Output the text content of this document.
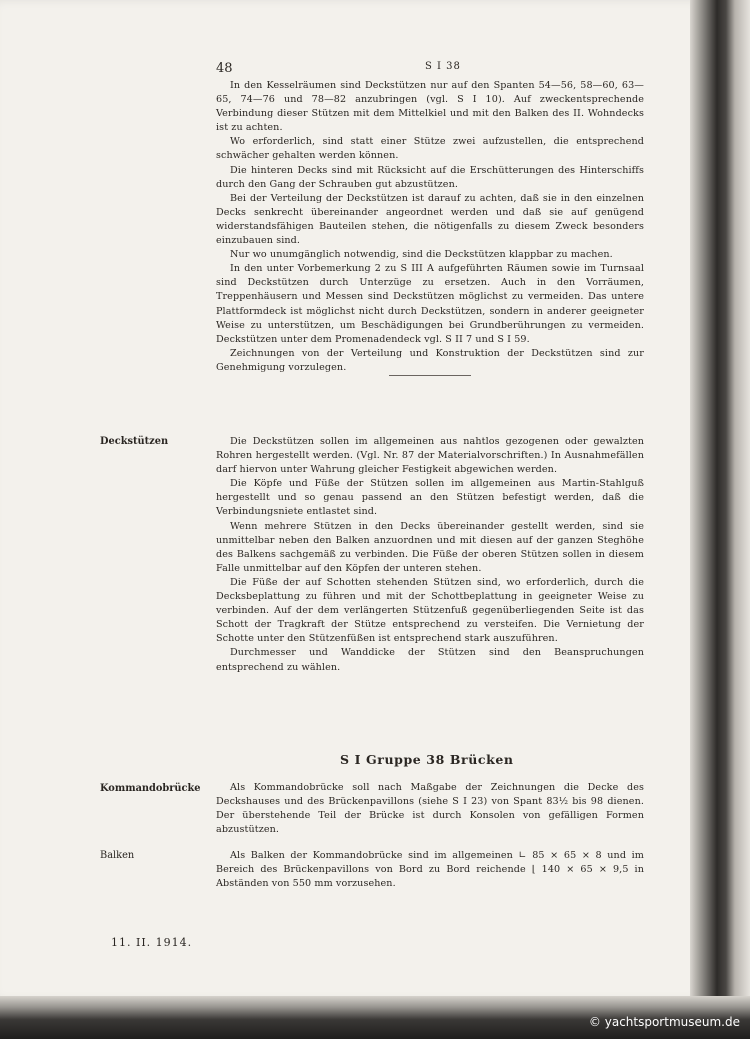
48	S I 38

In den Kesselräumen sind Deckstützen nur auf den Spanten 54—56, 58—60, 63—65, 74—76 und 78—82 anzubringen (vgl. S I 10). Auf zweckentsprechende Verbindung dieser Stützen mit dem Mittelkiel und mit den Balken des II. Wohndecks ist zu achten.

Wo erforderlich, sind statt einer Stütze zwei aufzustellen, die entsprechend schwächer gehalten werden können.

Die hinteren Decks sind mit Rücksicht auf die Erschütterungen des Hinterschiffs durch den Gang der Schrauben gut abzustützen.

Bei der Verteilung der Deckstützen ist darauf zu achten, daß sie in den einzelnen Decks senkrecht übereinander angeordnet werden und daß sie auf genügend widerstandsfähigen Bauteilen stehen, die nötigenfalls zu diesem Zweck besonders einzubauen sind.

Nur wo unumgänglich notwendig, sind die Deckstützen klappbar zu machen.

In den unter Vorbemerkung 2 zu S III A aufgeführten Räumen sowie im Turnsaal sind Deckstützen durch Unterzüge zu ersetzen. Auch in den Vorräumen, Treppenhäusern und Messen sind Deckstützen möglichst zu vermeiden. Das untere Plattformdeck ist möglichst nicht durch Deckstützen, sondern in anderer geeigneter Weise zu unterstützen, um Beschädigungen bei Grundberührungen zu vermeiden. Deckstützen unter dem Promenadendeck vgl. S II 7 und S I 59.

Zeichnungen von der Verteilung und Konstruktion der Deckstützen sind zur Genehmigung vorzulegen.

Deckstützen	Die Deckstützen sollen im allgemeinen aus nahtlos gezogenen oder gewalzten Rohren hergestellt werden. (Vgl. Nr. 87 der Materialvorschriften.) In Ausnahmefällen darf hiervon unter Wahrung gleicher Festigkeit abgewichen werden.

Die Köpfe und Füße der Stützen sollen im allgemeinen aus Martin-Stahlguß hergestellt und so genau passend an den Stützen befestigt werden, daß die Verbindungsniete entlastet sind.

Wenn mehrere Stützen in den Decks übereinander gestellt werden, sind sie unmittelbar neben den Balken anzuordnen und mit diesen auf der ganzen Steghöhe des Balkens sachgemäß zu verbinden. Die Füße der oberen Stützen sollen in diesem Falle unmittelbar auf den Köpfen der unteren stehen.

Die Füße der auf Schotten stehenden Stützen sind, wo erforderlich, durch die Decksbeplattung zu führen und mit der Schottbeplattung in geeigneter Weise zu verbinden. Auf der dem verlängerten Stützenfuß gegenüberliegenden Seite ist das Schott der Tragkraft der Stütze entsprechend zu versteifen. Die Vernietung der Schotte unter den Stützenfüßen ist entsprechend stark auszuführen.

Durchmesser und Wanddicke der Stützen sind den Beanspruchungen entsprechend zu wählen.

S I Gruppe 38 Brücken
Kommandobrücke	Als Kommandobrücke soll nach Maßgabe der Zeichnungen die Decke des Deckshauses und des Brückenpavillons (siehe S I 23) von Spant 83½ bis 98 dienen. Der überstehende Teil der Brücke ist durch Konsolen von gefälligen Formen abzustützen.

Balken	Als Balken der Kommandobrücke sind im allgemeinen ∟ 85 × 65 × 8 und im Bereich des Brückenpavillons von Bord zu Bord reichende ⌊ 140 × 65 × 9,5 in Abständen von 550 mm vorzusehen.

11. II. 1914.
© yachtsportmuseum.de
